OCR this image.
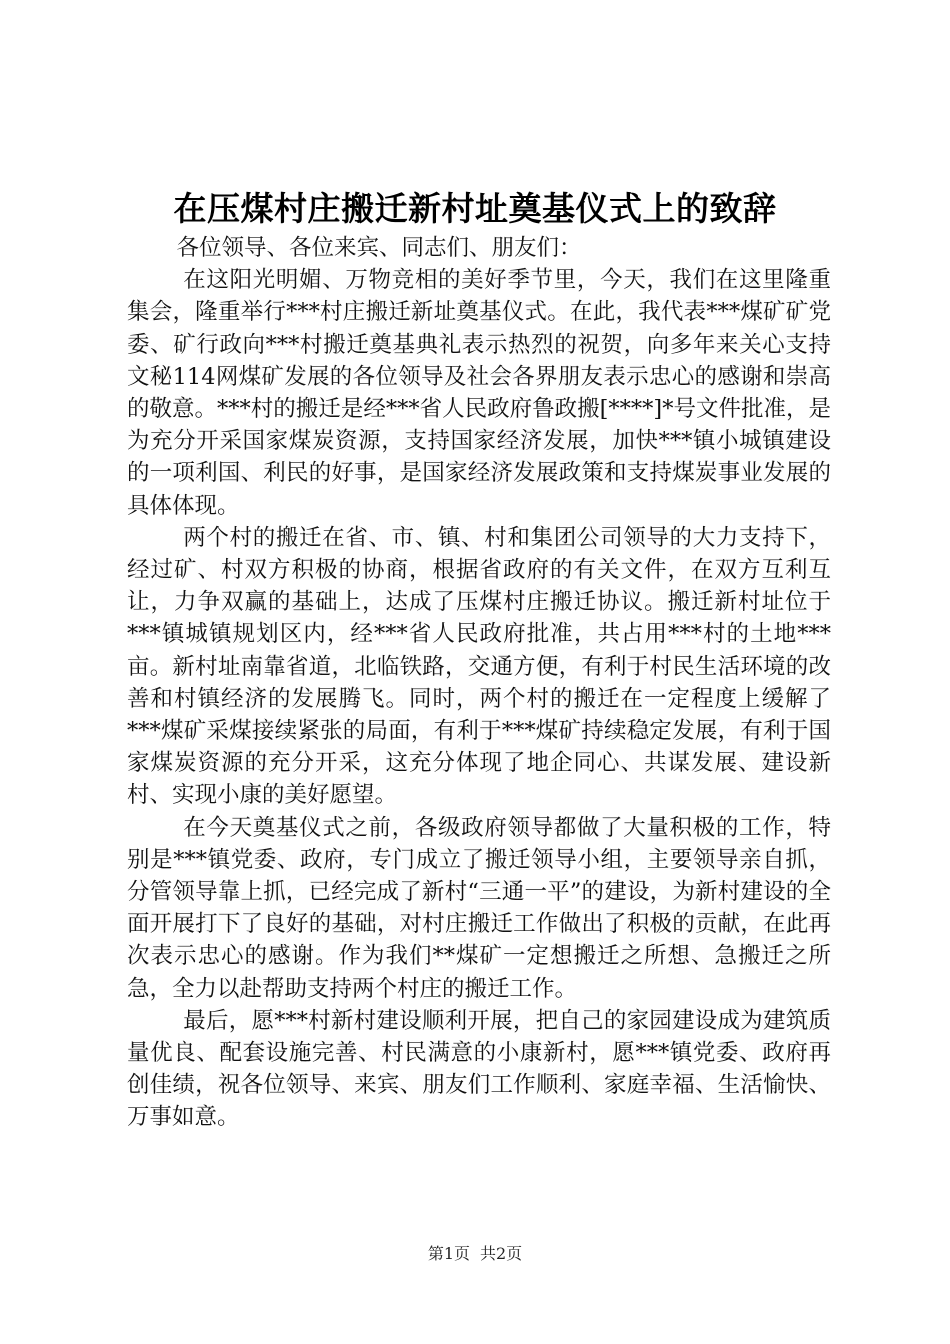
在压煤村庄搬迁新村址奠基仪式上的致辞

各位领导、各位来宾、同志们、朋友们：

在这阳光明媚、万物竞相的美好季节里，今天，我们在这里隆重集会，隆重举行***村庄搬迁新址奠基仪式。在此，我代表***煤矿矿党委、矿行政向***村搬迁奠基典礼表示热烈的祝贺，向多年来关心支持文秘114网煤矿发展的各位领导及社会各界朋友表示忠心的感谢和崇高的敬意。***村的搬迁是经***省人民政府鲁政搬[****]*号文件批准，是为充分开采国家煤炭资源，支持国家经济发展，加快***镇小城镇建设的一项利国、利民的好事，是国家经济发展政策和支持煤炭事业发展的具体体现。

两个村的搬迁在省、市、镇、村和集团公司领导的大力支持下，经过矿、村双方积极的协商，根据省政府的有关文件，在双方互利互让，力争双赢的基础上，达成了压煤村庄搬迁协议。搬迁新村址位于***镇城镇规划区内，经***省人民政府批准，共占用***村的土地***亩。新村址南靠省道，北临铁路，交通方便，有利于村民生活环境的改善和村镇经济的发展腾飞。同时，两个村的搬迁在一定程度上缓解了***煤矿采煤接续紧张的局面，有利于***煤矿持续稳定发展，有利于国家煤炭资源的充分开采，这充分体现了地企同心、共谋发展、建设新村、实现小康的美好愿望。

在今天奠基仪式之前，各级政府领导都做了大量积极的工作，特别是***镇党委、政府，专门成立了搬迁领导小组，主要领导亲自抓，分管领导靠上抓，已经完成了新村“三通一平”的建设，为新村建设的全面开展打下了良好的基础，对村庄搬迁工作做出了积极的贡献，在此再次表示忠心的感谢。作为我们**煤矿一定想搬迁之所想、急搬迁之所急，全力以赴帮助支持两个村庄的搬迁工作。

最后，愿***村新村建设顺利开展，把自己的家园建设成为建筑质量优良、配套设施完善、村民满意的小康新村，愿***镇党委、政府再创佳绩，祝各位领导、来宾、朋友们工作顺利、家庭幸福、生活愉快、万事如意。

第1页 共2页
